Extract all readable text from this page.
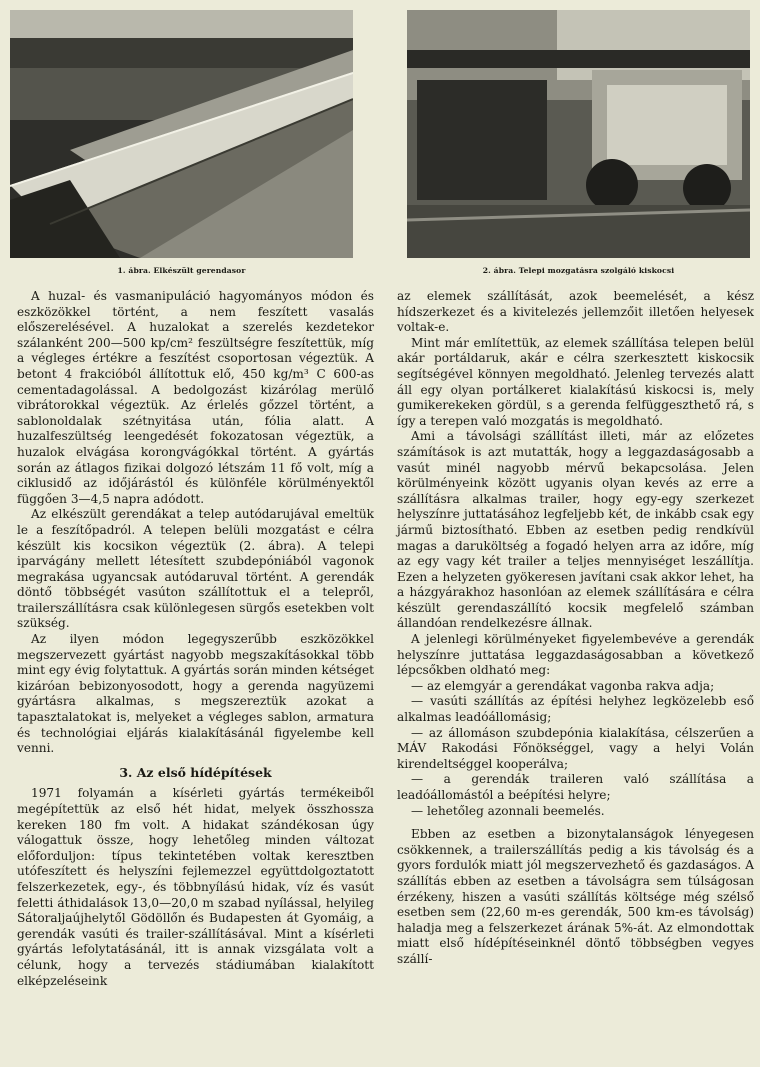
1. ábra. Elkészült gerendasor	2. ábra. Telepi mozgatásra szolgáló kiskocsi

A huzal- és vasmanipuláció hagyományos módon és eszközökkel történt, a nem feszített vasalás előszerelésével. A huzalokat a szerelés kezdetekor szálanként 200—500 kp/cm² feszültségre feszítettük, míg a végleges értékre a feszítést csoportosan végeztük. A betont 4 frakcióból állítottuk elő, 450 kg/m³ C 600-as cementadagolással. A bedolgozást kizárólag merülő vibrátorokkal végeztük. Az érlelés gőzzel történt, a sablonoldalak szétnyitása után, fólia alatt. A huzalfeszültség leengedését fokozatosan végeztük, a huzalok elvágása korongvágókkal történt. A gyártás során az átlagos fizikai dolgozó létszám 11 fő volt, míg a ciklusidő az időjárástól és különféle körülményektől függően 3—4,5 napra adódott.

Az elkészült gerendákat a telep autódarujával emeltük le a feszítőpadról. A telepen belüli mozgatást e célra készült kis kocsikon végeztük (2. ábra). A telepi iparvágány mellett létesített szubdepóniából vagonok megrakása ugyancsak autódaruval történt. A gerendák döntő többségét vasúton szállítottuk el a telepről, trailerszállításra csak különlegesen sürgős esetekben volt szükség.

Az ilyen módon legegyszerűbb eszközökkel megszervezett gyártást nagyobb megszakításokkal több mint egy évig folytattuk. A gyártás során minden kétséget kizáróan bebizonyosodott, hogy a gerenda nagyüzemi gyártásra alkalmas, s megszereztük azokat a tapasztalatokat is, melyeket a végleges sablon, armatura és technológiai eljárás kialakításánál figyelembe kell venni.

3. Az első hídépítések

1971 folyamán a kísérleti gyártás termékeiből megépítettük az első hét hidat, melyek összhossza kereken 180 fm volt. A hidakat szándékosan úgy válogattuk össze, hogy lehetőleg minden változat előforduljon: típus tekintetében voltak keresztben utófeszített és helyszíni fejlemezzel együttdolgoztatott felszerkezetek, egy-, és többnyílású hidak, víz és vasút feletti áthidalások 13,0—20,0 m szabad nyílással, helyileg Sátoraljaújhelytől Gödöllőn és Budapesten át Gyomáig, a gerendák vasúti és trailer-szállításával. Mint a kísérleti gyártás lefolytatásánál, itt is annak vizsgálata volt a célunk, hogy a tervezés stádiumában kialakított elképzeléseink

az elemek szállítását, azok beemelését, a kész hídszerkezet és a kivitelezés jellemzőit illetően helyesek voltak-e.

Mint már említettük, az elemek szállítása telepen belül akár portáldaruk, akár e célra szerkesztett kiskocsik segítségével könnyen megoldható. Jelenleg tervezés alatt áll egy olyan portálkeret kialakítású kiskocsi is, mely gumikerekeken gördül, s a gerenda felfüggeszthető rá, s így a terepen való mozgatás is megoldható.

Ami a távolsági szállítást illeti, már az előzetes számítások is azt mutatták, hogy a leggazdaságosabb a vasút minél nagyobb mérvű bekapcsolása. Jelen körülményeink között ugyanis olyan kevés az erre a szállításra alkalmas trailer, hogy egy-egy szerkezet helyszínre juttatásához legfeljebb két, de inkább csak egy jármű biztosítható. Ebben az esetben pedig rendkívül magas a daruköltség a fogadó helyen arra az időre, míg az egy vagy két trailer a teljes mennyiséget leszállítja. Ezen a helyzeten gyökeresen javítani csak akkor lehet, ha a házgyárakhoz hasonlóan az elemek szállítására e célra készült gerendaszállító kocsik megfelelő számban állandóan rendelkezésre állnak.

A jelenlegi körülményeket figyelembevéve a gerendák helyszínre juttatása leggazdaságosabban a következő lépcsőkben oldható meg:

— az elemgyár a gerendákat vagonba rakva adja;

— vasúti szállítás az építési helyhez legközelebb eső alkalmas leadóállomásig;

— az állomáson szubdepónia kialakítása, célszerűen a MÁV Rakodási Főnökséggel, vagy a helyi Volán kirendeltséggel kooperálva;

— a gerendák traileren való szállítása a leadóállomástól a beépítési helyre;

— lehetőleg azonnali beemelés.

Ebben az esetben a bizonytalanságok lényegesen csökkennek, a trailerszállítás pedig a kis távolság és a gyors fordulók miatt jól megszervezhető és gazdaságos. A szállítás ebben az esetben a távolságra sem túlságosan érzékeny, hiszen a vasúti szállítás költsége még szélső esetben sem (22,60 m-es gerendák, 500 km-es távolság) haladja meg a felszerkezet árának 5%-át. Az elmondottak miatt első hídépítéseinknél döntő többségben vegyes szállí-
